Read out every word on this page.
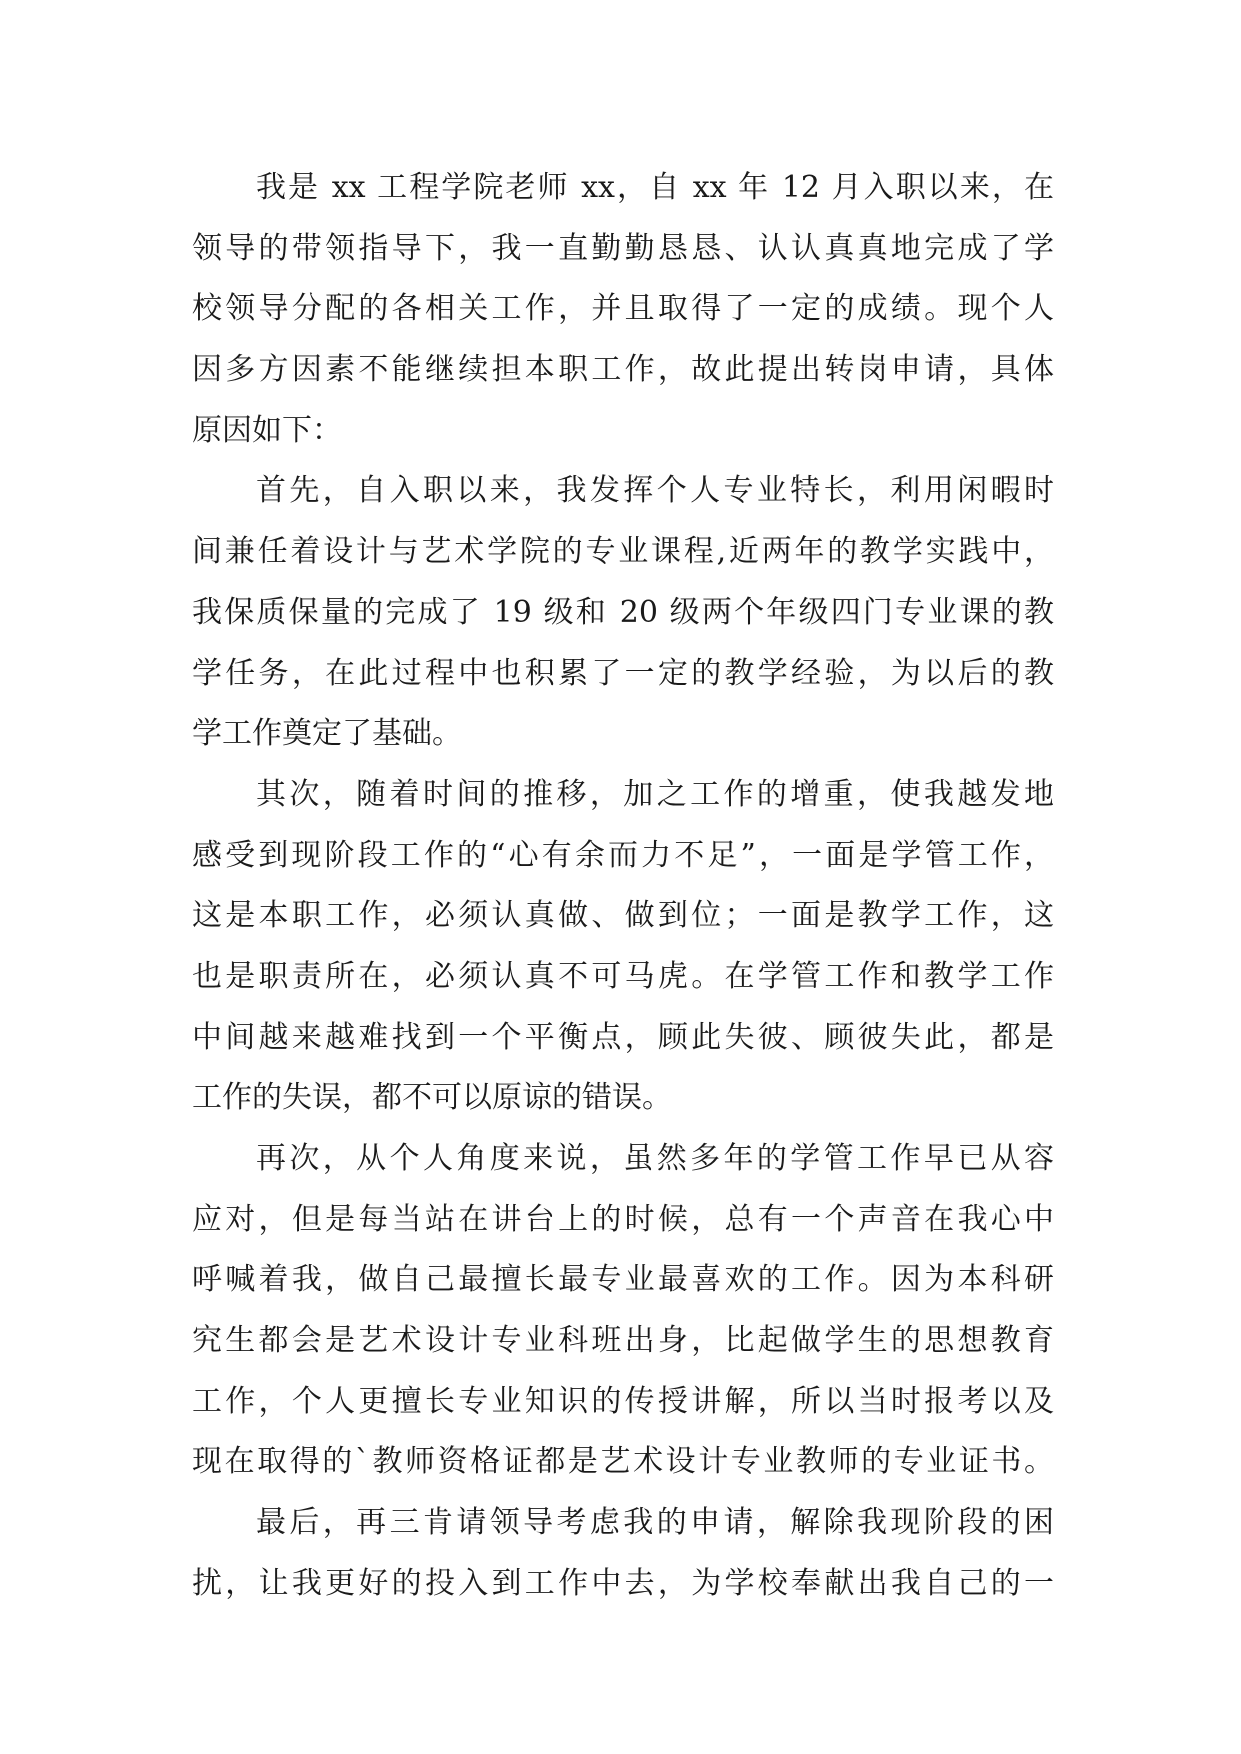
我是 xx 工程学院老师 xx，自 xx 年 12 月入职以来，在
领导的带领指导下，我一直勤勤恳恳、认认真真地完成了学
校领导分配的各相关工作，并且取得了一定的成绩。现个人
因多方因素不能继续担本职工作，故此提出转岗申请，具体
原因如下：
首先，自入职以来，我发挥个人专业特长，利用闲暇时
间兼任着设计与艺术学院的专业课程,近两年的教学实践中，
我保质保量的完成了 19 级和 20 级两个年级四门专业课的教
学任务，在此过程中也积累了一定的教学经验，为以后的教
学工作奠定了基础。
其次，随着时间的推移，加之工作的增重，使我越发地
感受到现阶段工作的“心有余而力不足”，一面是学管工作，
这是本职工作，必须认真做、做到位；一面是教学工作，这
也是职责所在，必须认真不可马虎。在学管工作和教学工作
中间越来越难找到一个平衡点，顾此失彼、顾彼失此，都是
工作的失误，都不可以原谅的错误。
再次，从个人角度来说，虽然多年的学管工作早已从容
应对，但是每当站在讲台上的时候，总有一个声音在我心中
呼喊着我，做自己最擅长最专业最喜欢的工作。因为本科研
究生都会是艺术设计专业科班出身，比起做学生的思想教育
工作，个人更擅长专业知识的传授讲解，所以当时报考以及
现在取得的`教师资格证都是艺术设计专业教师的专业证书。
最后，再三肯请领导考虑我的申请，解除我现阶段的困
扰，让我更好的投入到工作中去，为学校奉献出我自己的一
